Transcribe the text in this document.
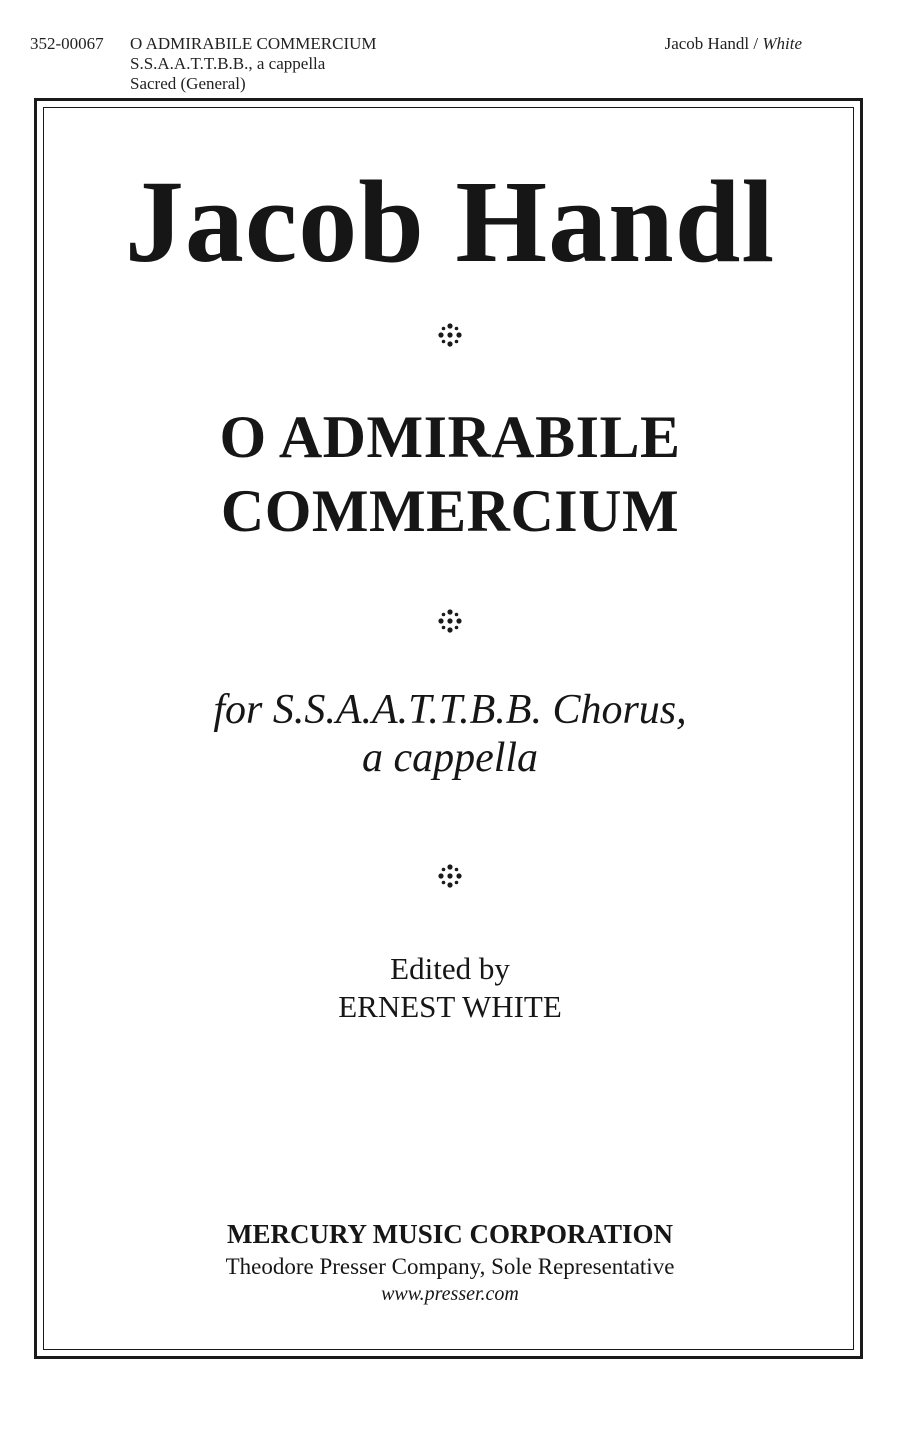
352-00067 O ADMIRABILE COMMERCIUM
S.S.A.A.T.T.B.B., a cappella
Sacred (General)
Jacob Handl / White
Jacob Handl
O ADMIRABILE
COMMERCIUM
for S.S.A.A.T.T.B.B. Chorus,
a cappella
Edited by
ERNEST WHITE
MERCURY MUSIC CORPORATION
Theodore Presser Company, Sole Representative
www.presser.com
